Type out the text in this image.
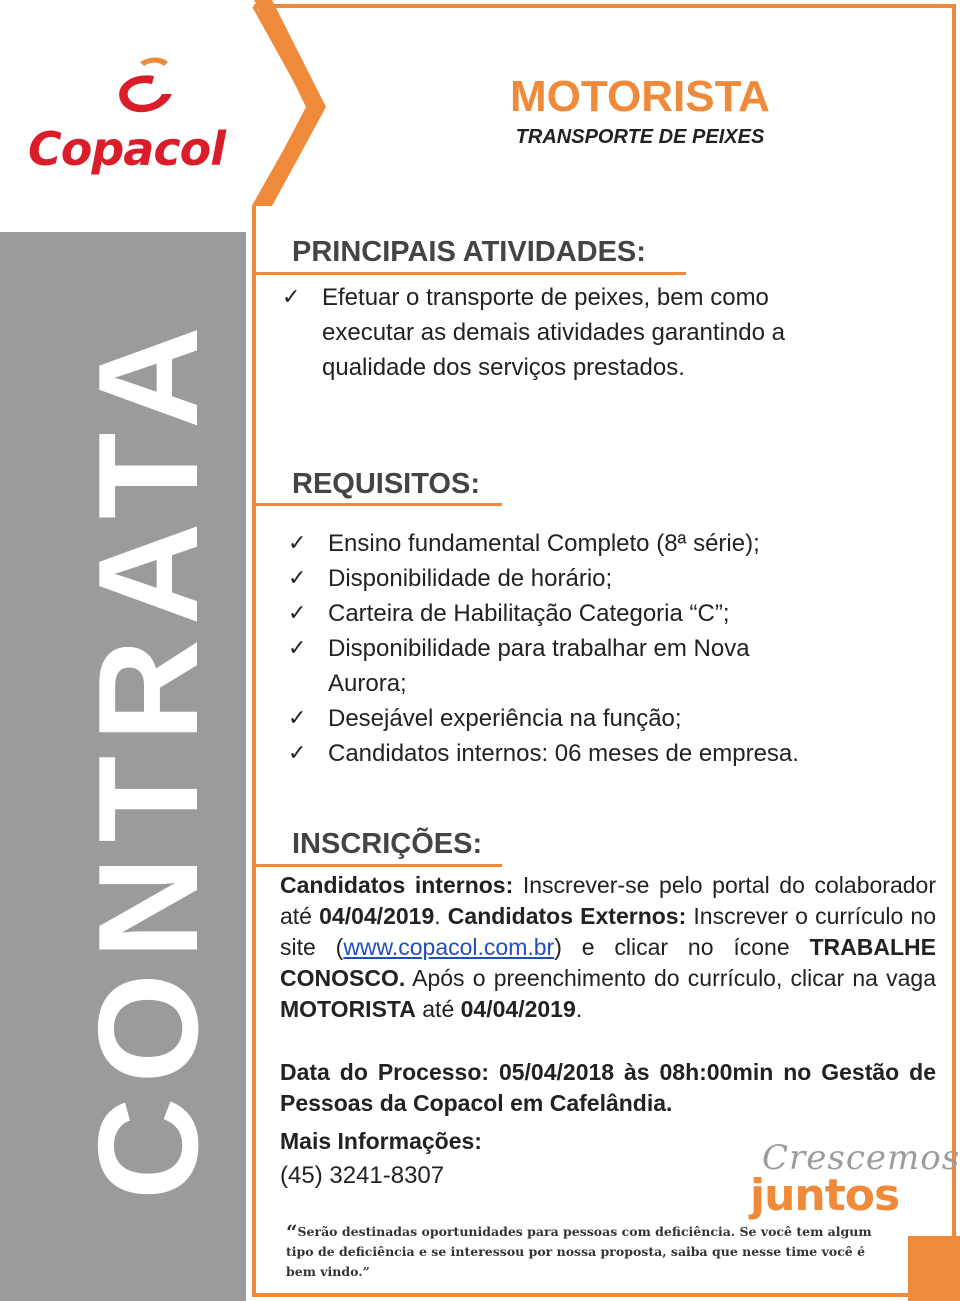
Copacol
CONTRATA
MOTORISTA
TRANSPORTE DE PEIXES
PRINCIPAIS ATIVIDADES:
✓ Efetuar o transporte de peixes, bem como
executar as demais atividades garantindo a
qualidade dos serviços prestados.
REQUISITOS:
✓ Ensino fundamental Completo (8ª série);
✓ Disponibilidade de horário;
✓ Carteira de Habilitação Categoria “C”;
✓ Disponibilidade para trabalhar em Nova
Aurora;
✓ Desejável experiência na função;
✓ Candidatos internos: 06 meses de empresa.
INSCRIÇÕES:
Candidatos internos: Inscrever-se pelo portal do colaborador até 04/04/2019. Candidatos Externos: Inscrever o currículo no site (www.copacol.com.br) e clicar no ícone TRABALHE CONOSCO. Após o preenchimento do currículo, clicar na vaga MOTORISTA até 04/04/2019.
Data do Processo: 05/04/2018 às 08h:00min no Gestão de Pessoas da Copacol em Cafelândia.
Mais Informações:
(45) 3241-8307	Crescemos
juntos
“Serão destinadas oportunidades para pessoas com deficiência. Se você tem algum tipo de deficiência e se interessou por nossa proposta, saiba que nesse time você é bem vindo.”
